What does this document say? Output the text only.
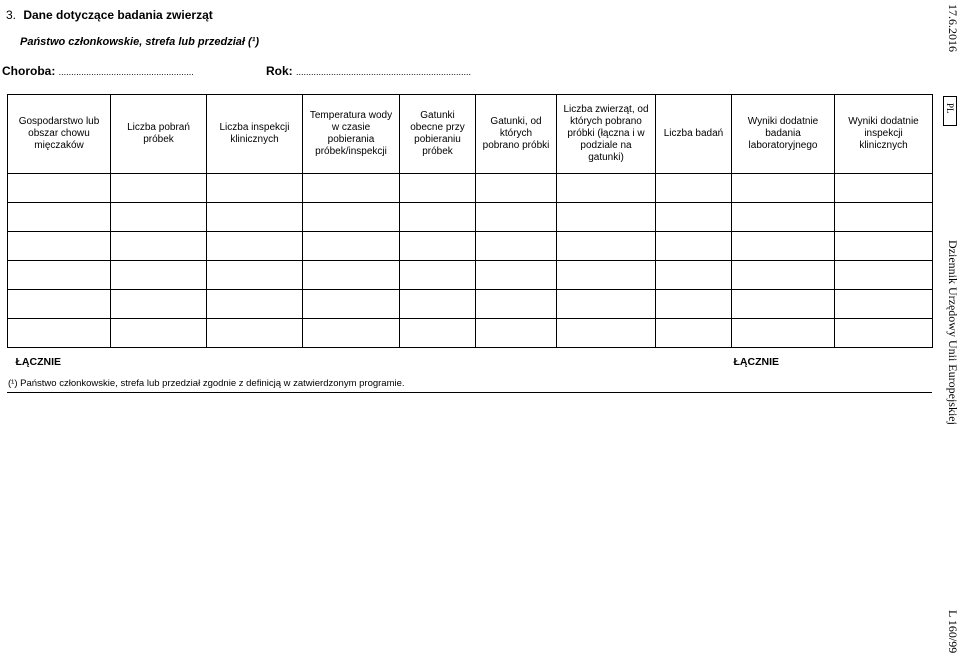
3. Dane dotyczące badania zwierząt
Państwo członkowskie, strefa lub przedział (¹)
Choroba: ......................................................	Rok: ......................................................................
Gospodarstwo lub obszar chowu mięczaków	Liczba pobrań próbek	Liczba inspekcji klinicznych	Temperatura wody w czasie pobierania próbek/inspekcji	Gatunki obecne przy pobieraniu próbek	Gatunki, od których pobrano próbki	Liczba zwierząt, od których pobrano próbki (łączna i w podziale na gatunki)	Liczba badań	Wyniki dodatnie badania laboratoryjnego	Wyniki dodatnie inspekcji klinicznych

ŁĄCZNIE								ŁĄCZNIE	
(¹) Państwo członkowskie, strefa lub przedział zgodnie z definicją w zatwierdzonym programie.
17.6.2016
PL
Dziennik Urzędowy Unii Europejskiej
L 160/99
